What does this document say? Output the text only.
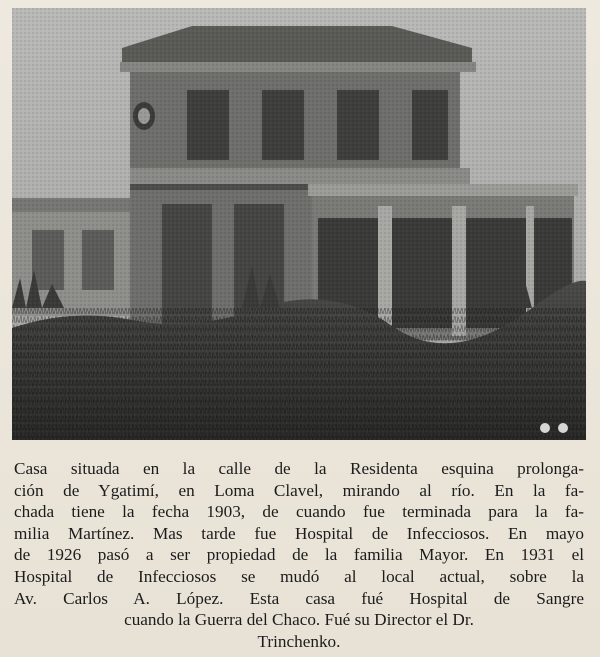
Casa situada en la calle de la Residenta esquina prolonga-
ción de Ygatimí, en Loma Clavel, mirando al río. En la fa-
chada tiene la fecha 1903, de cuando fue terminada para la fa-
milia Martínez. Mas tarde fue Hospital de Infecciosos. En mayo
de 1926 pasó a ser propiedad de la familia Mayor. En 1931 el
Hospital de Infecciosos se mudó al local actual, sobre la
Av. Carlos A. López. Esta casa fué Hospital de Sangre
cuando la Guerra del Chaco. Fué su Director el Dr.
Trinchenko.
